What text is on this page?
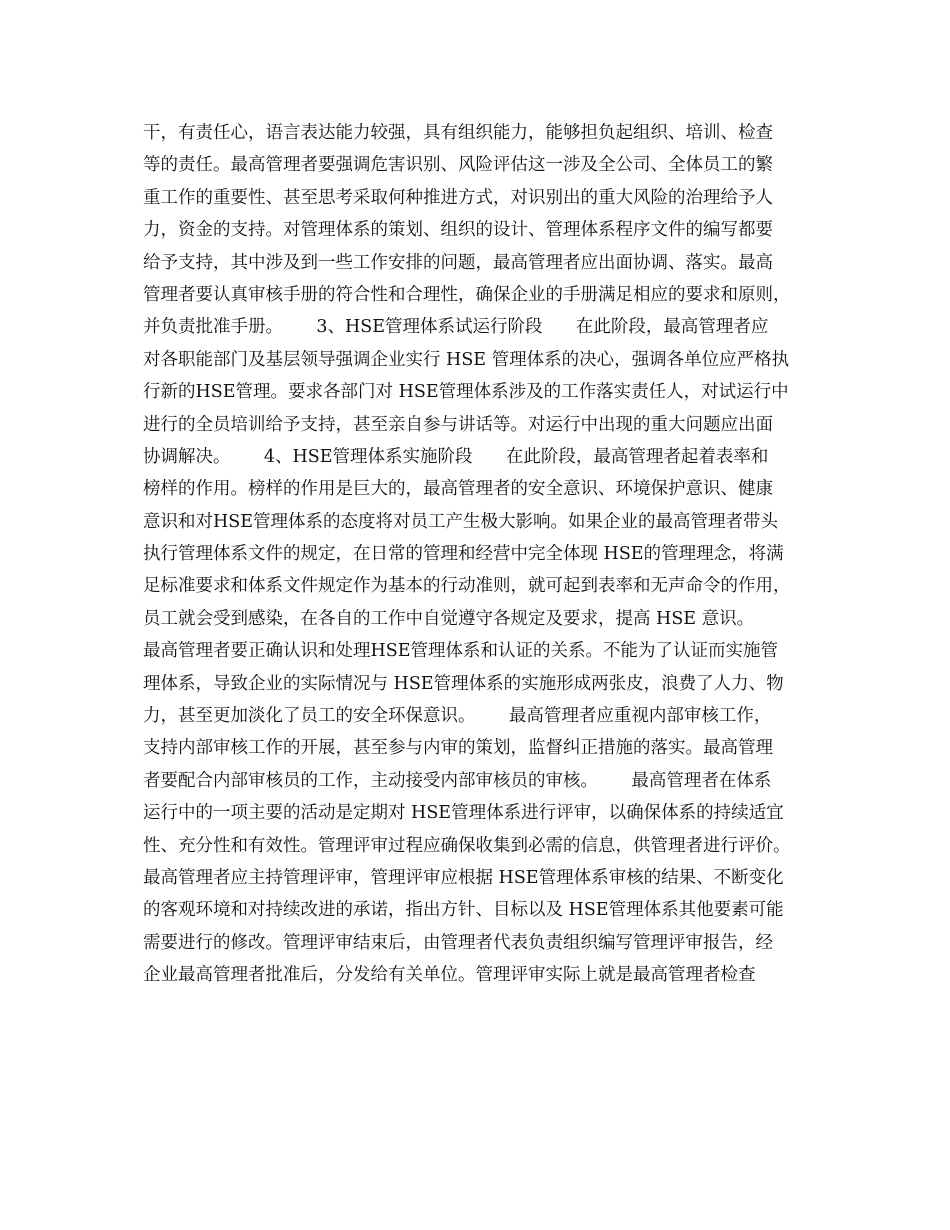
干，有责任心，语言表达能力较强，具有组织能力，能够担负起组织、培训、检查
等的责任。最高管理者要强调危害识别、风险评估这一涉及全公司、全体员工的繁
重工作的重要性、甚至思考采取何种推进方式，对识别出的重大风险的治理给予人
力，资金的支持。对管理体系的策划、组织的设计、管理体系程序文件的编写都要
给予支持，其中涉及到一些工作安排的问题，最高管理者应出面协调、落实。最高
管理者要认真审核手册的符合性和合理性，确保企业的手册满足相应的要求和原则，
并负责批准手册。      3、HSE管理体系试运行阶段      在此阶段，最高管理者应
对各职能部门及基层领导强调企业实行 HSE 管理体系的决心，强调各单位应严格执
行新的HSE管理。要求各部门对 HSE管理体系涉及的工作落实责任人，对试运行中
进行的全员培训给予支持，甚至亲自参与讲话等。对运行中出现的重大问题应出面
协调解决。      4、HSE管理体系实施阶段      在此阶段，最高管理者起着表率和
榜样的作用。榜样的作用是巨大的，最高管理者的安全意识、环境保护意识、健康
意识和对HSE管理体系的态度将对员工产生极大影响。如果企业的最高管理者带头
执行管理体系文件的规定，在日常的管理和经营中完全体现 HSE的管理理念，将满
足标准要求和体系文件规定作为基本的行动准则，就可起到表率和无声命令的作用，
员工就会受到感染，在各自的工作中自觉遵守各规定及要求，提高 HSE 意识。
最高管理者要正确认识和处理HSE管理体系和认证的关系。不能为了认证而实施管
理体系，导致企业的实际情况与 HSE管理体系的实施形成两张皮，浪费了人力、物
力，甚至更加淡化了员工的安全环保意识。      最高管理者应重视内部审核工作，
支持内部审核工作的开展，甚至参与内审的策划，监督纠正措施的落实。最高管理
者要配合内部审核员的工作，主动接受内部审核员的审核。      最高管理者在体系
运行中的一项主要的活动是定期对 HSE管理体系进行评审，以确保体系的持续适宜
性、充分性和有效性。管理评审过程应确保收集到必需的信息，供管理者进行评价。
最高管理者应主持管理评审，管理评审应根据 HSE管理体系审核的结果、不断变化
的客观环境和对持续改进的承诺，指出方针、目标以及 HSE管理体系其他要素可能
需要进行的修改。管理评审结束后，由管理者代表负责组织编写管理评审报告，经
企业最高管理者批准后，分发给有关单位。管理评审实际上就是最高管理者检查
